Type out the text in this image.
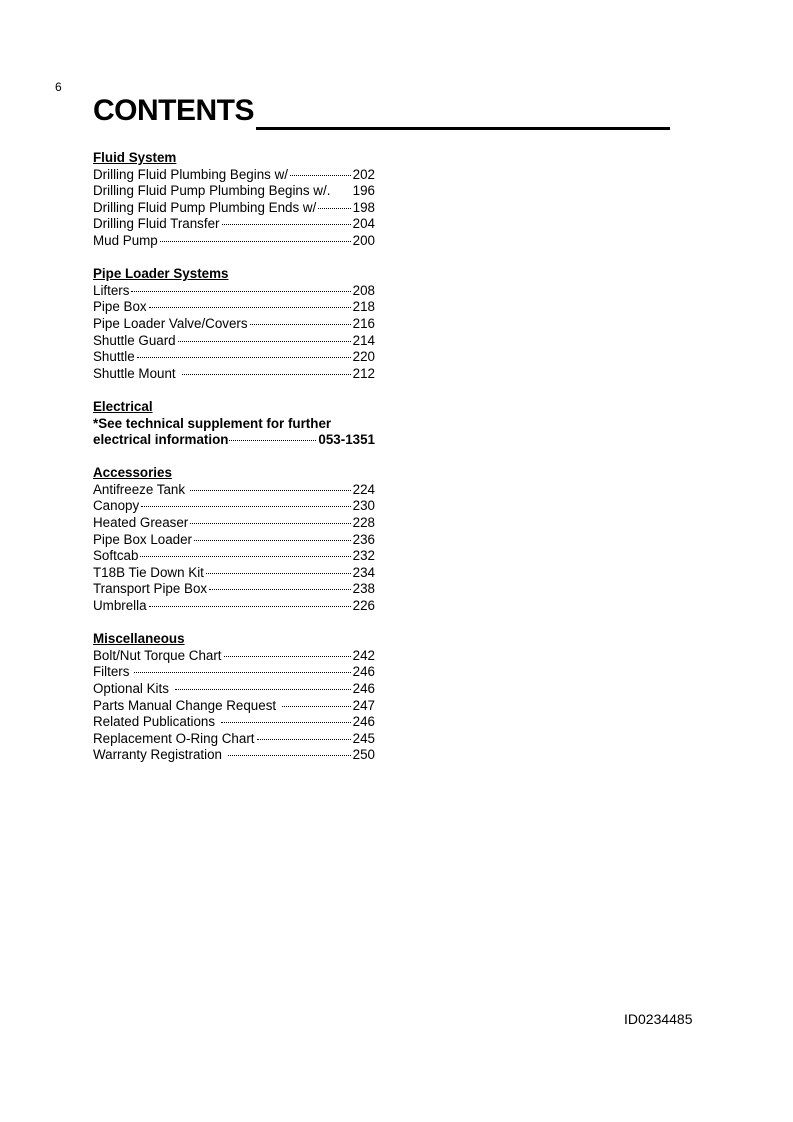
6
CONTENTS
Fluid System
Drilling Fluid Plumbing Begins w/	202
Drilling Fluid Pump Plumbing Begins w/. 196
Drilling Fluid Pump Plumbing Ends w/	198
Drilling Fluid Transfer	204
Mud Pump	200
Pipe Loader Systems
Lifters	208
Pipe Box	218
Pipe Loader Valve/Covers	216
Shuttle Guard	214
Shuttle	220
Shuttle Mount	212
Electrical
*See technical supplement for further
electrical information	053-1351
Accessories
Antifreeze Tank	224
Canopy	230
Heated Greaser	228
Pipe Box Loader	236
Softcab	232
T18B Tie Down Kit	234
Transport Pipe Box	238
Umbrella	226
Miscellaneous
Bolt/Nut Torque Chart	242
Filters	246
Optional Kits	246
Parts Manual Change Request	247
Related Publications	246
Replacement O-Ring Chart	245
Warranty Registration	250
ID0234485
